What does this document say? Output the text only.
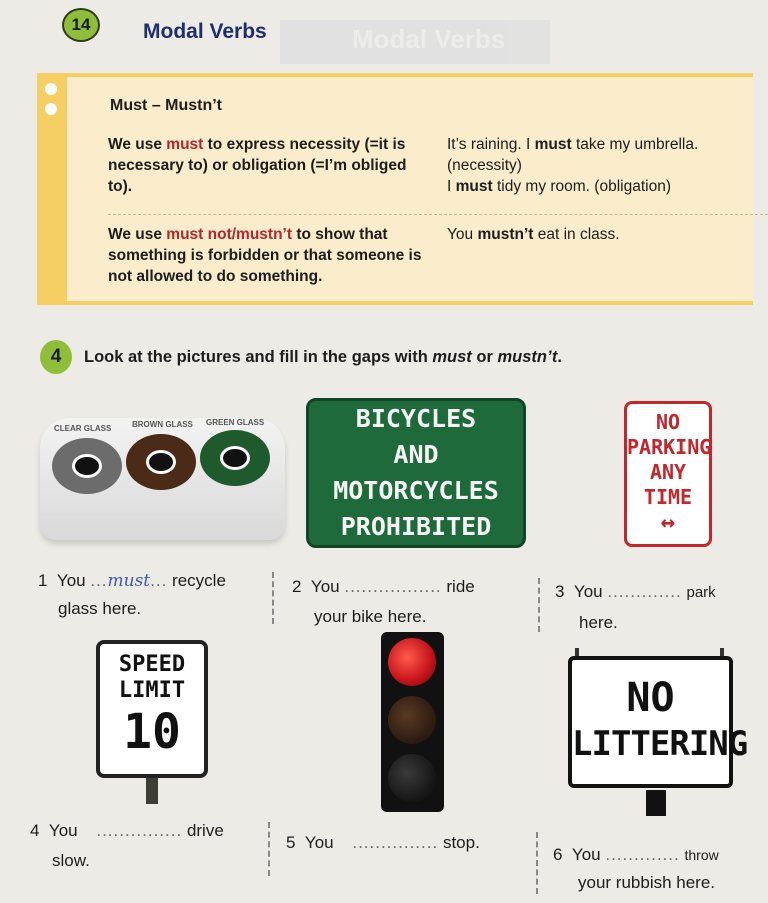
14	Modal Verbs
Modal Verbs
Must – Mustn’t
We use must to express necessity (=it is necessary to) or obligation (=I’m obliged to).
It’s raining. I must take my umbrella. (necessity)
I must tidy my room. (obligation)
We use must not/mustn’t to show that something is forbidden or that someone is not allowed to do something.
You mustn’t eat in class.
4 Look at the pictures and fill in the gaps with must or mustn’t.
CLEAR GLASS	BROWN GLASS GREEN GLASS	BICYCLES
AND
MOTORCYCLES
PROHIBITED
NO
PARKING
ANY
TIME
↔
1 You ...must... recycle
glass here.
2 You ................. ride
your bike here.
3 You ............. park
here.
SPEED
LIMIT
10
NO
LITTERING
4 You ............... drive
slow.
5 You ............... stop.
6 You ............. throw
your rubbish here.
